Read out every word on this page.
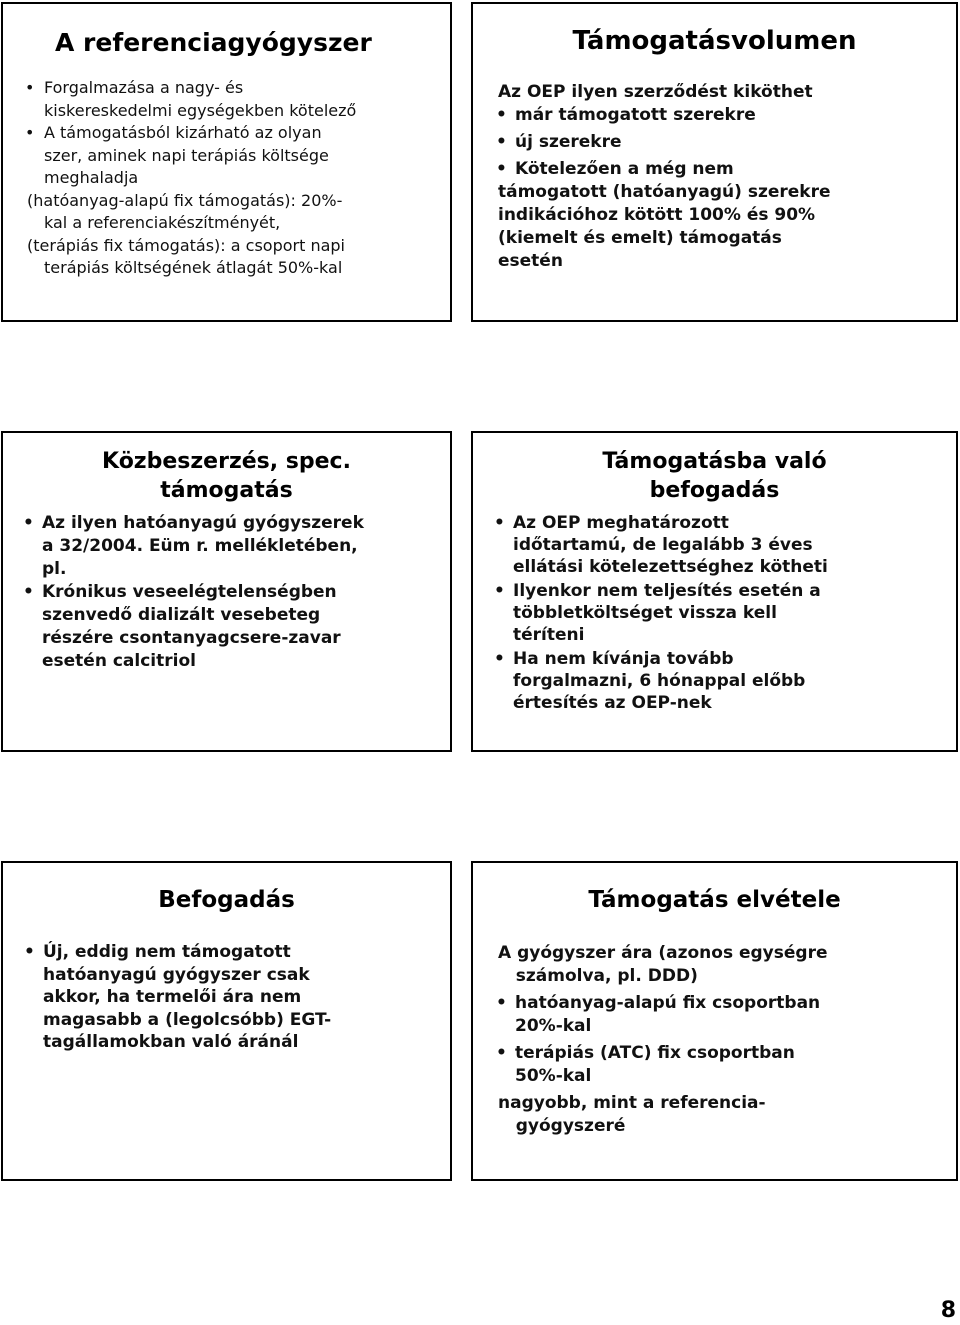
A referenciagyógyszer
• Forgalmazása a nagy- és
kiskereskedelmi egységekben kötelező
• A támogatásból kizárható az olyan
szer, aminek napi terápiás költsége
meghaladja
(hatóanyag-alapú fix támogatás): 20%-
kal a referenciakészítményét,
(terápiás fix támogatás): a csoport napi
terápiás költségének átlagát 50%-kal
Támogatásvolumen
Az OEP ilyen szerződést kiköthet
• már támogatott szerekre
• új szerekre
• Kötelezően a még nem
támogatott (hatóanyagú) szerekre
indikációhoz kötött 100% és 90%
(kiemelt és emelt) támogatás
esetén
Közbeszerzés, spec.
támogatás
• Az ilyen hatóanyagú gyógyszerek
a 32/2004. Eüm r. mellékletében,
pl.
• Krónikus veseelégtelenségben
szenvedő dializált vesebeteg
részére csontanyagcsere-zavar
esetén calcitriol
Támogatásba való
befogadás
• Az OEP meghatározott
időtartamú, de legalább 3 éves
ellátási kötelezettséghez kötheti
• Ilyenkor nem teljesítés esetén a
többletköltséget vissza kell
téríteni
• Ha nem kívánja tovább
forgalmazni, 6 hónappal előbb
értesítés az OEP-nek
Befogadás
• Új, eddig nem támogatott
hatóanyagú gyógyszer csak
akkor, ha termelői ára nem
magasabb a (legolcsóbb) EGT-
tagállamokban való áránál
Támogatás elvétele
A gyógyszer ára (azonos egységre
számolva, pl. DDD)
• hatóanyag-alapú fix csoportban
20%-kal
• terápiás (ATC) fix csoportban
50%-kal
nagyobb, mint a referencia-
gyógyszeré
8
